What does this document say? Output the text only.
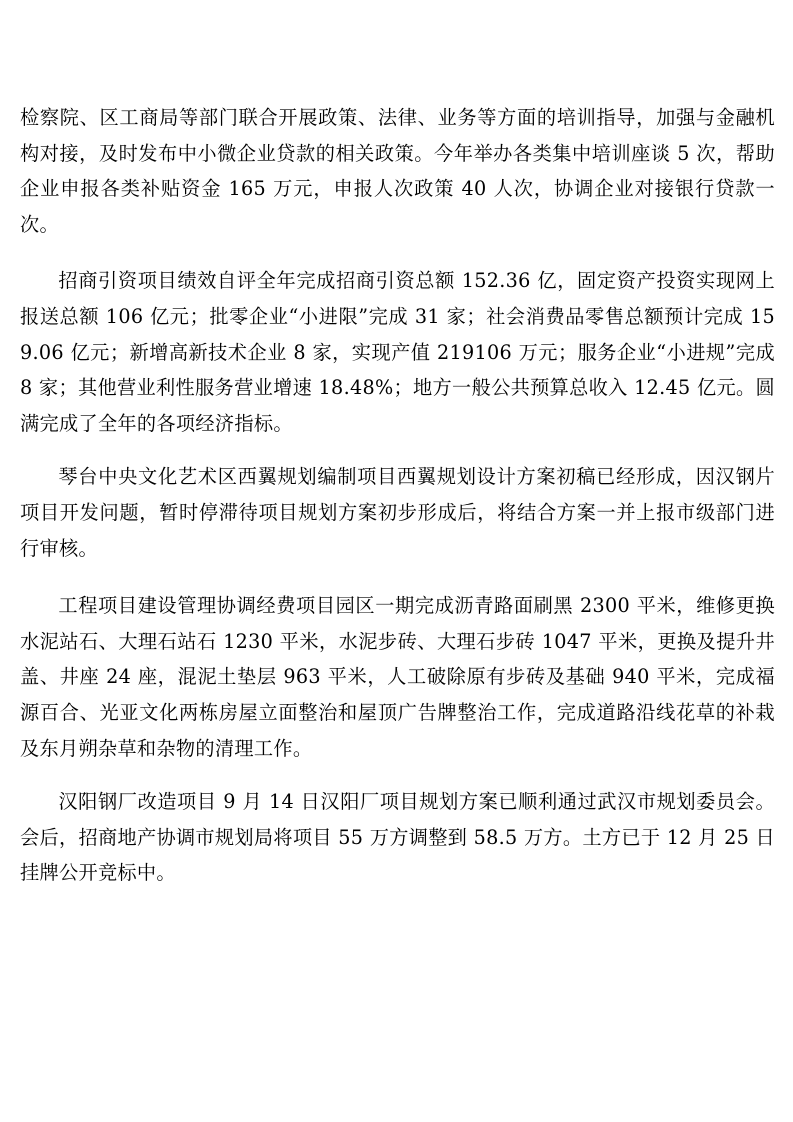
检察院、区工商局等部门联合开展政策、法律、业务等方面的培训指导，加强与金融机构对接，及时发布中小微企业贷款的相关政策。今年举办各类集中培训座谈 5 次，帮助企业申报各类补贴资金 165 万元，申报人次政策 40 人次，协调企业对接银行贷款一次。

招商引资项目绩效自评全年完成招商引资总额 152.36 亿，固定资产投资实现网上报送总额 106 亿元；批零企业“小进限”完成 31 家；社会消费品零售总额预计完成 159.06 亿元；新增高新技术企业 8 家，实现产值 219106 万元；服务企业“小进规”完成 8 家；其他营业利性服务营业增速 18.48%；地方一般公共预算总收入 12.45 亿元。圆满完成了全年的各项经济指标。

琴台中央文化艺术区西翼规划编制项目西翼规划设计方案初稿已经形成，因汉钢片项目开发问题，暂时停滞待项目规划方案初步形成后，将结合方案一并上报市级部门进行审核。

工程项目建设管理协调经费项目园区一期完成沥青路面刷黑 2300 平米，维修更换水泥站石、大理石站石 1230 平米，水泥步砖、大理石步砖 1047 平米，更换及提升井盖、井座 24 座，混泥土垫层 963 平米，人工破除原有步砖及基础 940 平米，完成福源百合、光亚文化两栋房屋立面整治和屋顶广告牌整治工作，完成道路沿线花草的补栽及东月朔杂草和杂物的清理工作。

汉阳钢厂改造项目 9 月 14 日汉阳厂项目规划方案已顺利通过武汉市规划委员会。会后，招商地产协调市规划局将项目 55 万方调整到 58.5 万方。土方已于 12 月 25 日挂牌公开竞标中。
